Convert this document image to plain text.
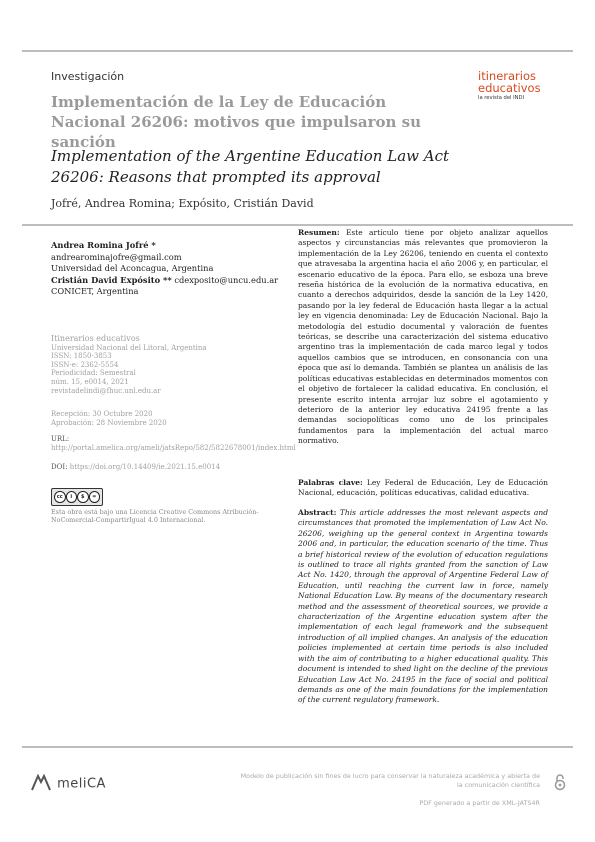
Investigación	itinerarios
educativos
la revista del INDI
Implementación de la Ley de Educación Nacional 26206: motivos que impulsaron su sanción
Implementation of the Argentine Education Law Act 26206: Reasons that prompted its approval
Jofré, Andrea Romina; Expósito, Cristián David
Andrea Romina Jofré *
andrearominajofre@gmail.com
Universidad del Aconcagua, Argentina
Cristián David Expósito ** cdexposito@uncu.edu.ar
CONICET, Argentina
Itinerarios educativos
Universidad Nacional del Litoral, Argentina
ISSN: 1850-3853
ISSN-e: 2362-5554
Periodicidad: Semestral
núm. 15, e0014, 2021
revistadelindi@fhuc.unl.edu.ar
Recepción: 30 Octubre 2020
Aprobación: 28 Noviembre 2020
URL: http://portal.amelica.org/ameli/jatsRepo/582/5822678001/index.html
DOI: https://doi.org/10.14409/ie.2021.15.e0014
cc	i	$	=
Esta obra está bajo una Licencia Creative Commons Atribución-NoComercial-CompartirIgual 4.0 Internacional.
Resumen: Este artículo tiene por objeto analizar aquellos aspectos y circunstancias más relevantes que promovieron la implementación de la Ley 26206, teniendo en cuenta el contexto que atravesaba la argentina hacia el año 2006 y, en particular, el escenario educativo de la época. Para ello, se esboza una breve reseña histórica de la evolución de la normativa educativa, en cuanto a derechos adquiridos, desde la sanción de la Ley 1420, pasando por la ley federal de Educación hasta llegar a la actual ley en vigencia denominada: Ley de Educación Nacional. Bajo la metodología del estudio documental y valoración de fuentes teóricas, se describe una caracterización del sistema educativo argentino tras la implementación de cada marco legal y todos aquellos cambios que se introducen, en consonancia con una época que así lo demanda. También se plantea un análisis de las políticas educativas establecidas en determinados momentos con el objetivo de fortalecer la calidad educativa. En conclusión, el presente escrito intenta arrojar luz sobre el agotamiento y deterioro de la anterior ley educativa 24195 frente a las demandas sociopolíticas como uno de los principales fundamentos para la implementación del actual marco normativo.
Palabras clave: Ley Federal de Educación, Ley de Educación Nacional, educación, políticas educativas, calidad educativa.
Abstract: This article addresses the most relevant aspects and circumstances that promoted the implementation of Law Act No. 26206, weighing up the general context in Argentina towards 2006 and, in particular, the education scenario of the time. Thus a brief historical review of the evolution of education regulations is outlined to trace all rights granted from the sanction of Law Act No. 1420, through the approval of Argentine Federal Law of Education, until reaching the current law in force, namely National Education Law. By means of the documentary research method and the assessment of theoretical sources, we provide a characterization of the Argentine education system after the implementation of each legal framework and the subsequent introduction of all implied changes. An analysis of the education policies implemented at certain time periods is also included with the aim of contributing to a higher educational quality. This document is intended to shed light on the decline of the previous Education Law Act No. 24195 in the face of social and political demands as one of the main foundations for the implementation of the current regulatory framework.
meliCA
Modelo de publicación sin fines de lucro para conservar la naturaleza académica y abierta de la comunicación científica
PDF generado a partir de XML-JATS4R
